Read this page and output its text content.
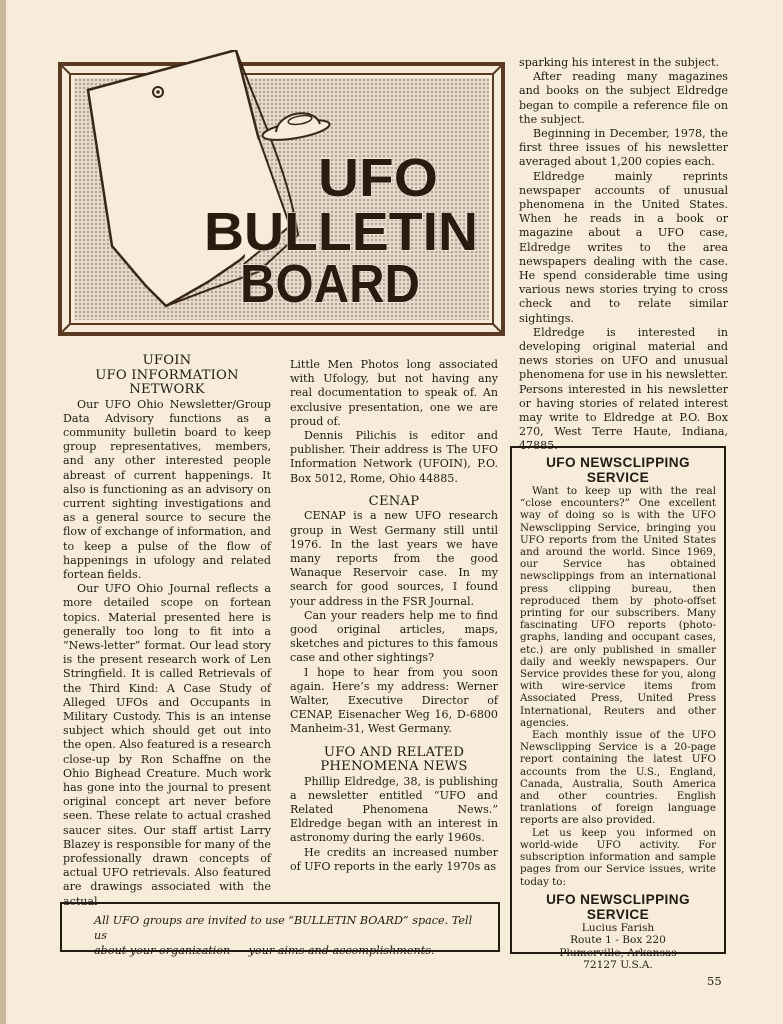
UFO
BULLETIN
BOARD
UFOIN
UFO INFORMATION
NETWORK

Our UFO Ohio Newsletter/Group Data Advisory functions as a community bulletin board to keep group representatives, members, and any other interested people abreast of current happenings. It also is functioning as an advisory on current sighting investigations and as a general source to secure the flow of exchange of information, and to keep a pulse of the flow of happenings in ufology and related fortean fields.

Our UFO Ohio Journal reflects a more detailed scope on fortean topics. Material presented here is generally too long to fit into a “News-letter” format. Our lead story is the present research work of Len Stringfield. It is called Retrievals of the Third Kind: A Case Study of Alleged UFOs and Occupants in Military Custody. This is an intense subject which should get out into the open. Also featured is a research close-up by Ron Schaffne on the Ohio Bighead Creature. Much work has gone into the journal to present original concept art never before seen. These relate to actual crashed saucer sites. Our staff artist Larry Blazey is responsible for many of the professionally drawn concepts of actual UFO retrievals. Also featured are drawings associated with the actual

Little Men Photos long associated with Ufology, but not having any real documentation to speak of. An exclusive presentation, one we are proud of.

Dennis Pilichis is editor and publisher. Their address is The UFO Information Network (UFOIN), P.O. Box 5012, Rome, Ohio 44885.

CENAP

CENAP is a new UFO research group in West Germany still until 1976. In the last years we have many reports from the good Wanaque Reservoir case. In my search for good sources, I found your address in the FSR Journal.

Can your readers help me to find good original articles, maps, sketches and pictures to this famous case and other sightings?

I hope to hear from you soon again. Here’s my address: Werner Walter, Executive Director of CENAP, Eisenacher Weg 16, D-6800 Manheim-31, West Germany.

UFO AND RELATED
PHENOMENA NEWS

Phillip Eldredge, 38, is publishing a newsletter entitled “UFO and Related Phenomena News.” Eldredge began with an interest in astronomy during the early 1960s.

He credits an increased number of UFO reports in the early 1970s as

sparking his interest in the subject.

After reading many magazines and books on the subject Eldredge began to compile a reference file on the subject.

Beginning in December, 1978, the first three issues of his newsletter averaged about 1,200 copies each.

Eldredge mainly reprints newspaper accounts of unusual phenomena in the United States. When he reads in a book or magazine about a UFO case, Eldredge writes to the area newspapers dealing with the case. He spend considerable time using various news stories trying to cross check and to relate similar sightings.

Eldredge is interested in developing original material and news stories on UFO and unusual phenomena for use in his newsletter. Persons interested in his newsletter or having stories of related interest may write to Eldredge at P.O. Box 270, West Terre Haute, Indiana, 47885.

UFO NEWSCLIPPING
SERVICE

Want to keep up with the real “close encounters?” One excellent way of doing so is with the UFO Newsclipping Service, bringing you UFO reports from the United States and around the world. Since 1969, our Service has obtained newsclippings from an international press clipping bureau, then reproduced them by photo-offset printing for our subscribers. Many fascinating UFO reports (photo-graphs, landing and occupant cases, etc.) are only published in smaller daily and weekly newspapers. Our Service provides these for you, along with wire-service items from Associated Press, United Press International, Reuters and other agencies.

Each monthly issue of the UFO Newsclipping Service is a 20-page report containing the latest UFO accounts from the U.S., England, Canada, Australia, South America and other countries. English tranlations of foreign language reports are also provided.

Let us keep you informed on world-wide UFO activity. For subscription information and sample pages from our Service issues, write today to:

UFO NEWSCLIPPING
SERVICE
Lucius Farish
Route 1 - Box 220
Plumerville, Arkansas
72127 U.S.A.
All UFO groups are invited to use “BULLETIN BOARD” space. Tell us
about your organization — your aims and accomplishments.
55
